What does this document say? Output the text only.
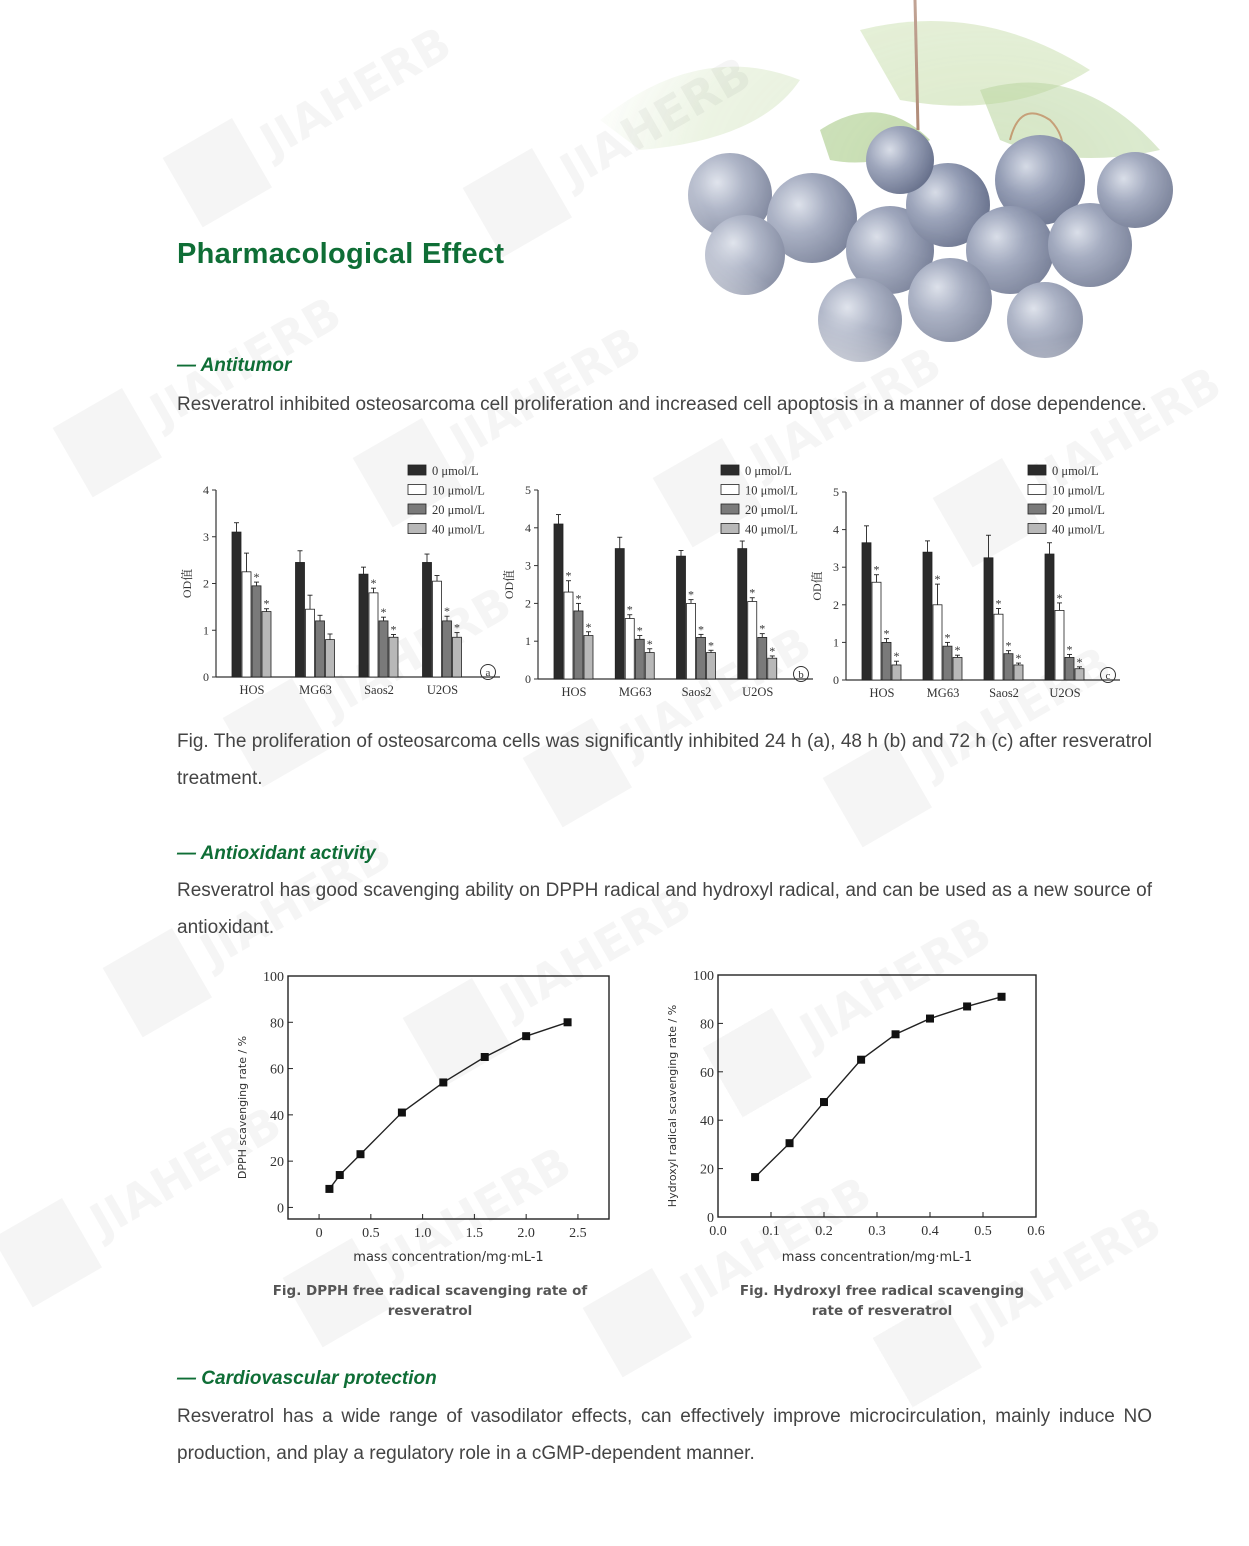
Pharmacological Effect
— Antitumor

Resveratrol inhibited osteosarcoma cell proliferation and increased cell apoptosis in a manner of dose dependence.

Fig. The proliferation of osteosarcoma cells was significantly inhibited 24 h (a), 48 h (b) and 72 h (c) after resveratrol treatment.

— Antioxidant activity

Resveratrol has good scavenging ability on DPPH radical and hydroxyl radical, and can be used as a new source of antioxidant.

Fig. DPPH free radical scavenging rate of resveratrol

Fig. Hydroxyl free radical scavenging rate of resveratrol

— Cardiovascular protection

Resveratrol has a wide range of vasodilator effects, can effectively improve microcirculation, mainly induce NO production, and play a regulatory role in a cGMP-dependent manner.

0
1
2
3
4
OD值	*
*
HOS	MG63
*
*
*
Saos2
*
*
U2OS
a
0 μmol/L
10 μmol/L
20 μmol/L
40 μmol/L
0
1
2
3
4
5
OD值	*
*
*
HOS
*
*
*
MG63
*
*
*
Saos2
*
*
*
U2OS
b
0 μmol/L
10 μmol/L
20 μmol/L
40 μmol/L
0
1
2
3
4
5
OD值
*
*
*
HOS
*
*
*
MG63
*
*
*
Saos2
*
*
*
U2OS
c
0 μmol/L
10 μmol/L
20 μmol/L
40 μmol/L
0	0.5 1.0 1.5 2.0 2.5
0
20
40
60
80
100
mass concentration/mg·mL-1
DPPH scavenging rate / %
0.0	0.1	0.2	0.3	0.4	0.5	0.6
0
20
40
60
80
100
mass concentration/mg·mL-1
Hydroxyl radical scavenging rate / %
